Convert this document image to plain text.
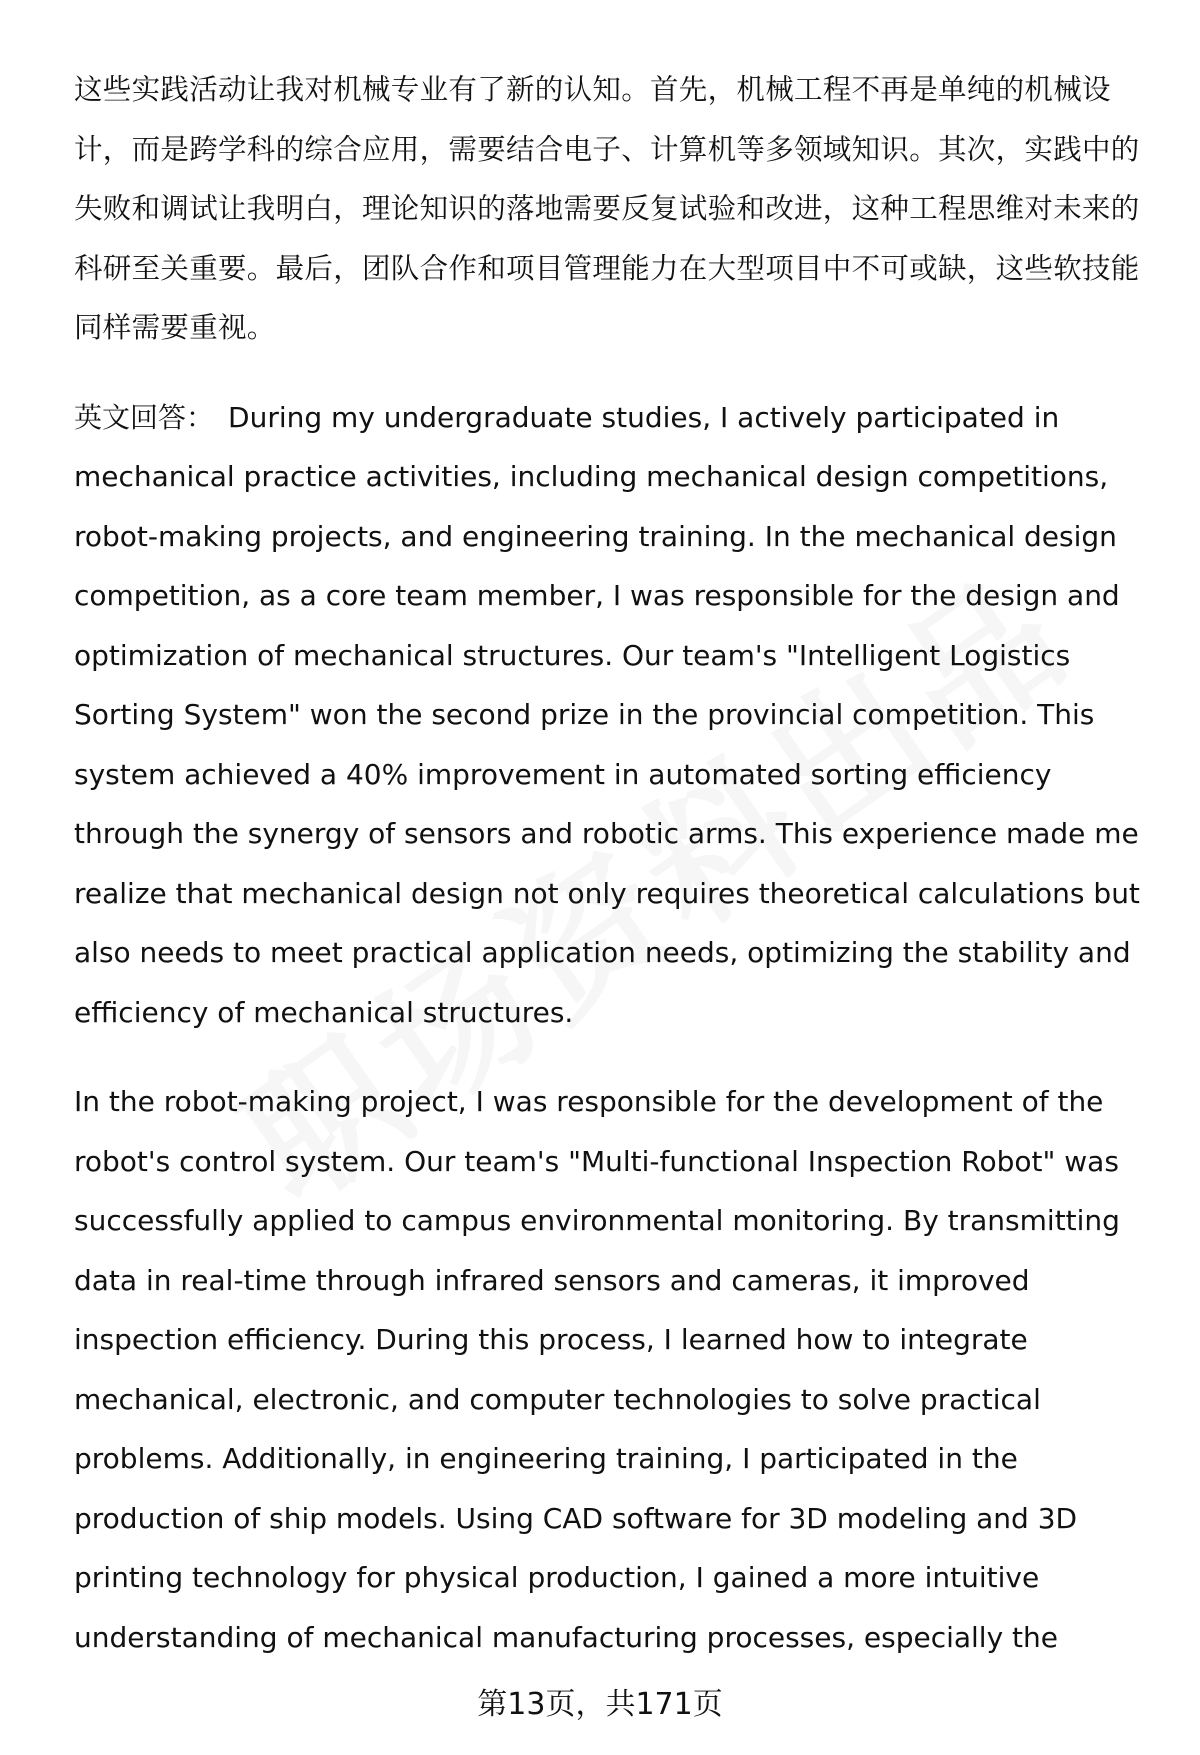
这些实践活动让我对机械专业有了新的认知。首先，机械工程不再是单纯的机械设计，而是跨学科的综合应用，需要结合电子、计算机等多领域知识。其次，实践中的失败和调试让我明白，理论知识的落地需要反复试验和改进，这种工程思维对未来的科研至关重要。最后，团队合作和项目管理能力在大型项目中不可或缺，这些软技能同样需要重视。

英文回答： During my undergraduate studies, I actively participated in mechanical practice activities, including mechanical design competitions, robot-making projects, and engineering training. In the mechanical design competition, as a core team member, I was responsible for the design and optimization of mechanical structures. Our team's "Intelligent Logistics Sorting System" won the second prize in the provincial competition. This system achieved a 40% improvement in automated sorting efficiency through the synergy of sensors and robotic arms. This experience made me realize that mechanical design not only requires theoretical calculations but also needs to meet practical application needs, optimizing the stability and efficiency of mechanical structures.

In the robot-making project, I was responsible for the development of the robot's control system. Our team's "Multi-functional Inspection Robot" was successfully applied to campus environmental monitoring. By transmitting data in real-time through infrared sensors and cameras, it improved inspection efficiency. During this process, I learned how to integrate mechanical, electronic, and computer technologies to solve practical problems. Additionally, in engineering training, I participated in the production of ship models. Using CAD software for 3D modeling and 3D printing technology for physical production, I gained a more intuitive understanding of mechanical manufacturing processes, especially the

第13页，共171页
